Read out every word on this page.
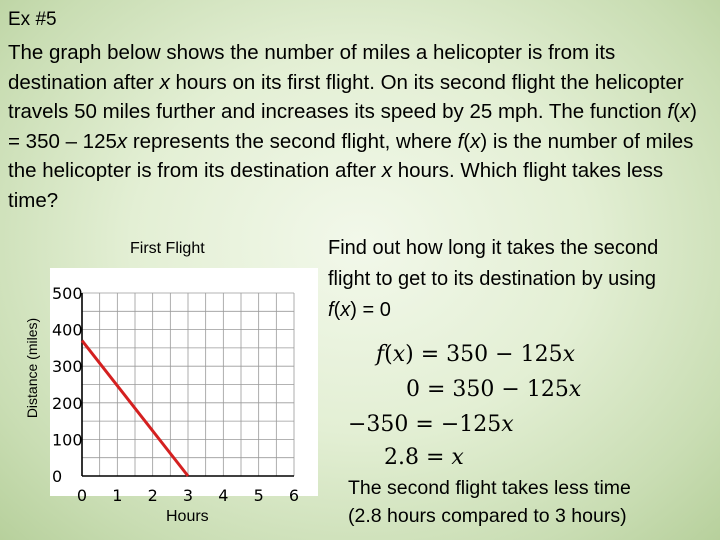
Ex #5
The graph below shows the number of miles a helicopter is from its destination after x hours on its first flight. On its second flight the helicopter travels 50 miles further and increases its speed by 25 mph. The function f(x) = 350 – 125x represents the second flight, where f(x) is the number of miles the helicopter is from its destination after x hours. Which flight takes less time?
First Flight
Distance (miles)
Hours
0 1 2 3 4 5 6
0
100
200
300
400
500
Find out how long it takes the second flight to get to its destination by using f(x) = 0
f(x) = 350 − 125x
0 = 350 − 125x
−350 = −125x
2.8 = x
The second flight takes less time
(2.8 hours compared to 3 hours)
